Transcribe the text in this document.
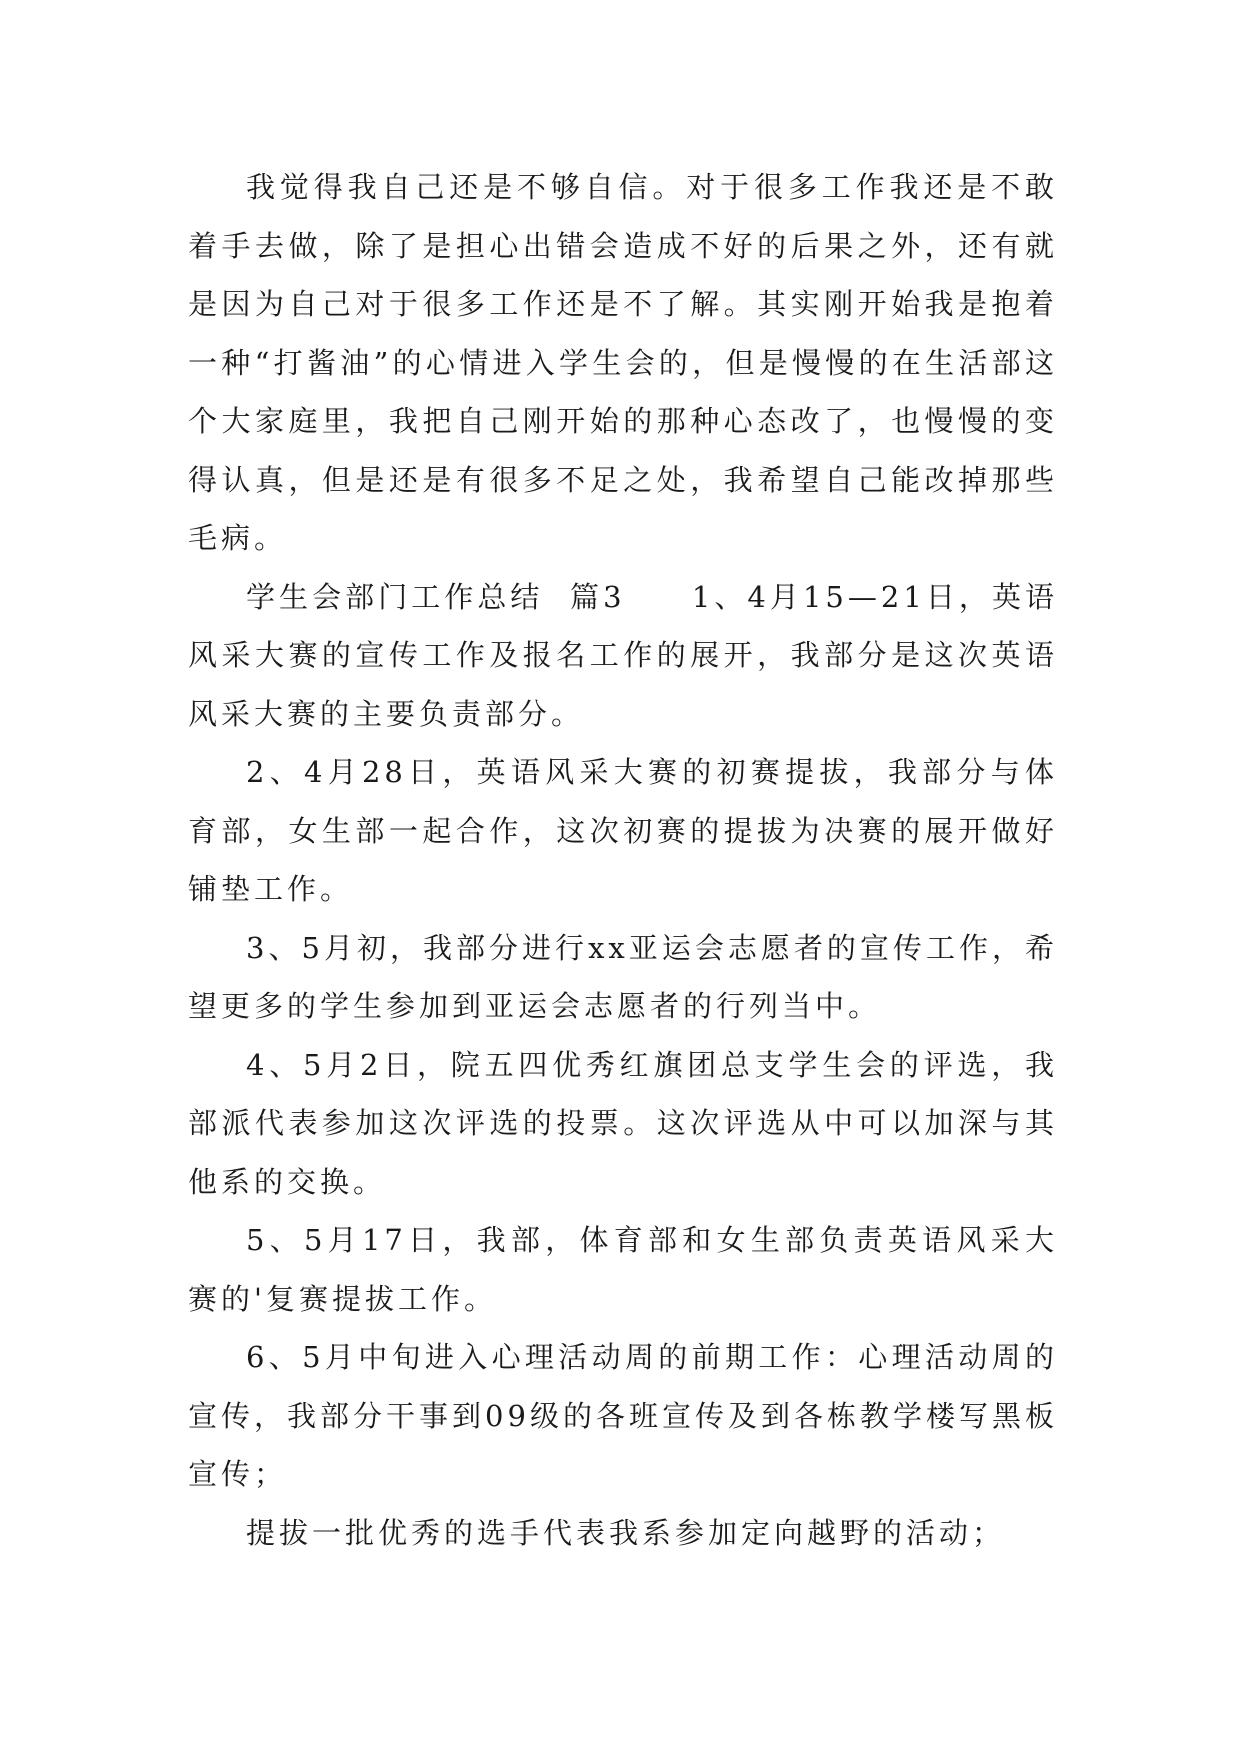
我觉得我自己还是不够自信。对于很多工作我还是不敢着手去做，除了是担心出错会造成不好的后果之外，还有就是因为自己对于很多工作还是不了解。其实刚开始我是抱着一种“打酱油”的心情进入学生会的，但是慢慢的在生活部这个大家庭里，我把自己刚开始的那种心态改了，也慢慢的变得认真，但是还是有很多不足之处，我希望自己能改掉那些毛病。

学生会部门工作总结  篇3     1、4月15—21日，英语风采大赛的宣传工作及报名工作的展开，我部分是这次英语风采大赛的主要负责部分。

2、4月28日，英语风采大赛的初赛提拔，我部分与体育部，女生部一起合作，这次初赛的提拔为决赛的展开做好铺垫工作。

3、5月初，我部分进行xx亚运会志愿者的宣传工作，希望更多的学生参加到亚运会志愿者的行列当中。

4、5月2日，院五四优秀红旗团总支学生会的评选，我部派代表参加这次评选的投票。这次评选从中可以加深与其他系的交换。

5、5月17日，我部，体育部和女生部负责英语风采大赛的'复赛提拔工作。

6、5月中旬进入心理活动周的前期工作：心理活动周的宣传，我部分干事到09级的各班宣传及到各栋教学楼写黑板宣传；

提拔一批优秀的选手代表我系参加定向越野的活动；
